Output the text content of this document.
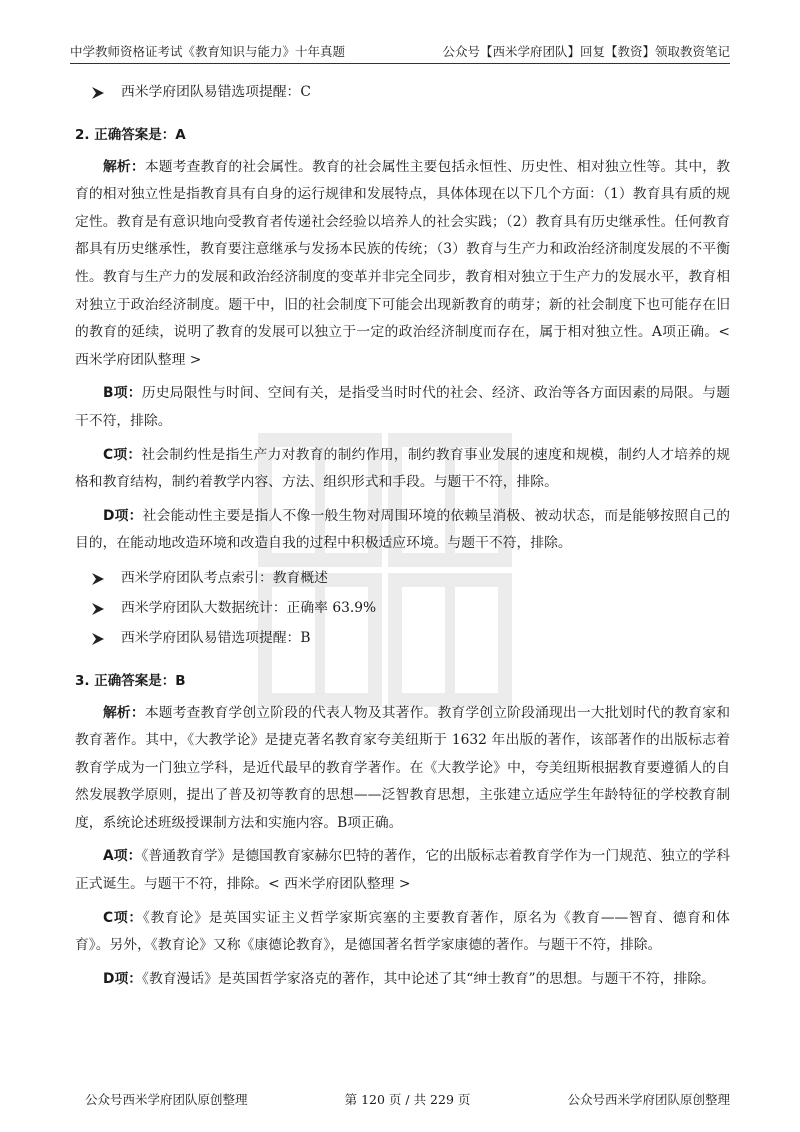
中学教师资格证考试《教育知识与能力》十年真题	公众号【西米学府团队】回复【教资】领取教资笔记
西米学府团队易错选项提醒：C
2. 正确答案是：A
解析：本题考查教育的社会属性。教育的社会属性主要包括永恒性、历史性、相对独立性等。其中，教育的相对独立性是指教育具有自身的运行规律和发展特点，具体体现在以下几个方面：（1）教育具有质的规定性。教育是有意识地向受教育者传递社会经验以培养人的社会实践；（2）教育具有历史继承性。任何教育都具有历史继承性，教育要注意继承与发扬本民族的传统；（3）教育与生产力和政治经济制度发展的不平衡性。教育与生产力的发展和政治经济制度的变革并非完全同步，教育相对独立于生产力的发展水平，教育相对独立于政治经济制度。题干中，旧的社会制度下可能会出现新教育的萌芽；新的社会制度下也可能存在旧的教育的延续，说明了教育的发展可以独立于一定的政治经济制度而存在，属于相对独立性。A项正确。< 西米学府团队整理 >
B项：历史局限性与时间、空间有关，是指受当时时代的社会、经济、政治等各方面因素的局限。与题干不符，排除。
C项：社会制约性是指生产力对教育的制约作用，制约教育事业发展的速度和规模，制约人才培养的规格和教育结构，制约着教学内容、方法、组织形式和手段。与题干不符，排除。
D项：社会能动性主要是指人不像一般生物对周围环境的依赖呈消极、被动状态，而是能够按照自己的目的，在能动地改造环境和改造自我的过程中积极适应环境。与题干不符，排除。
西米学府团队考点索引：教育概述
西米学府团队大数据统计：正确率 63.9%
西米学府团队易错选项提醒：B
3. 正确答案是：B
解析：本题考查教育学创立阶段的代表人物及其著作。教育学创立阶段涌现出一大批划时代的教育家和教育著作。其中，《大教学论》是捷克著名教育家夸美纽斯于 1632 年出版的著作，该部著作的出版标志着教育学成为一门独立学科，是近代最早的教育学著作。在《大教学论》中，夸美纽斯根据教育要遵循人的自然发展教学原则，提出了普及初等教育的思想——泛智教育思想，主张建立适应学生年龄特征的学校教育制度，系统论述班级授课制方法和实施内容。B项正确。
A项：《普通教育学》是德国教育家赫尔巴特的著作，它的出版标志着教育学作为一门规范、独立的学科正式诞生。与题干不符，排除。< 西米学府团队整理 >
C项：《教育论》是英国实证主义哲学家斯宾塞的主要教育著作，原名为《教育——智育、德育和体育》。另外，《教育论》又称《康德论教育》，是德国著名哲学家康德的著作。与题干不符，排除。
D项：《教育漫话》是英国哲学家洛克的著作，其中论述了其“绅士教育”的思想。与题干不符，排除。
公众号西米学府团队原创整理	第 120 页 / 共 229 页	公众号西米学府团队原创整理
